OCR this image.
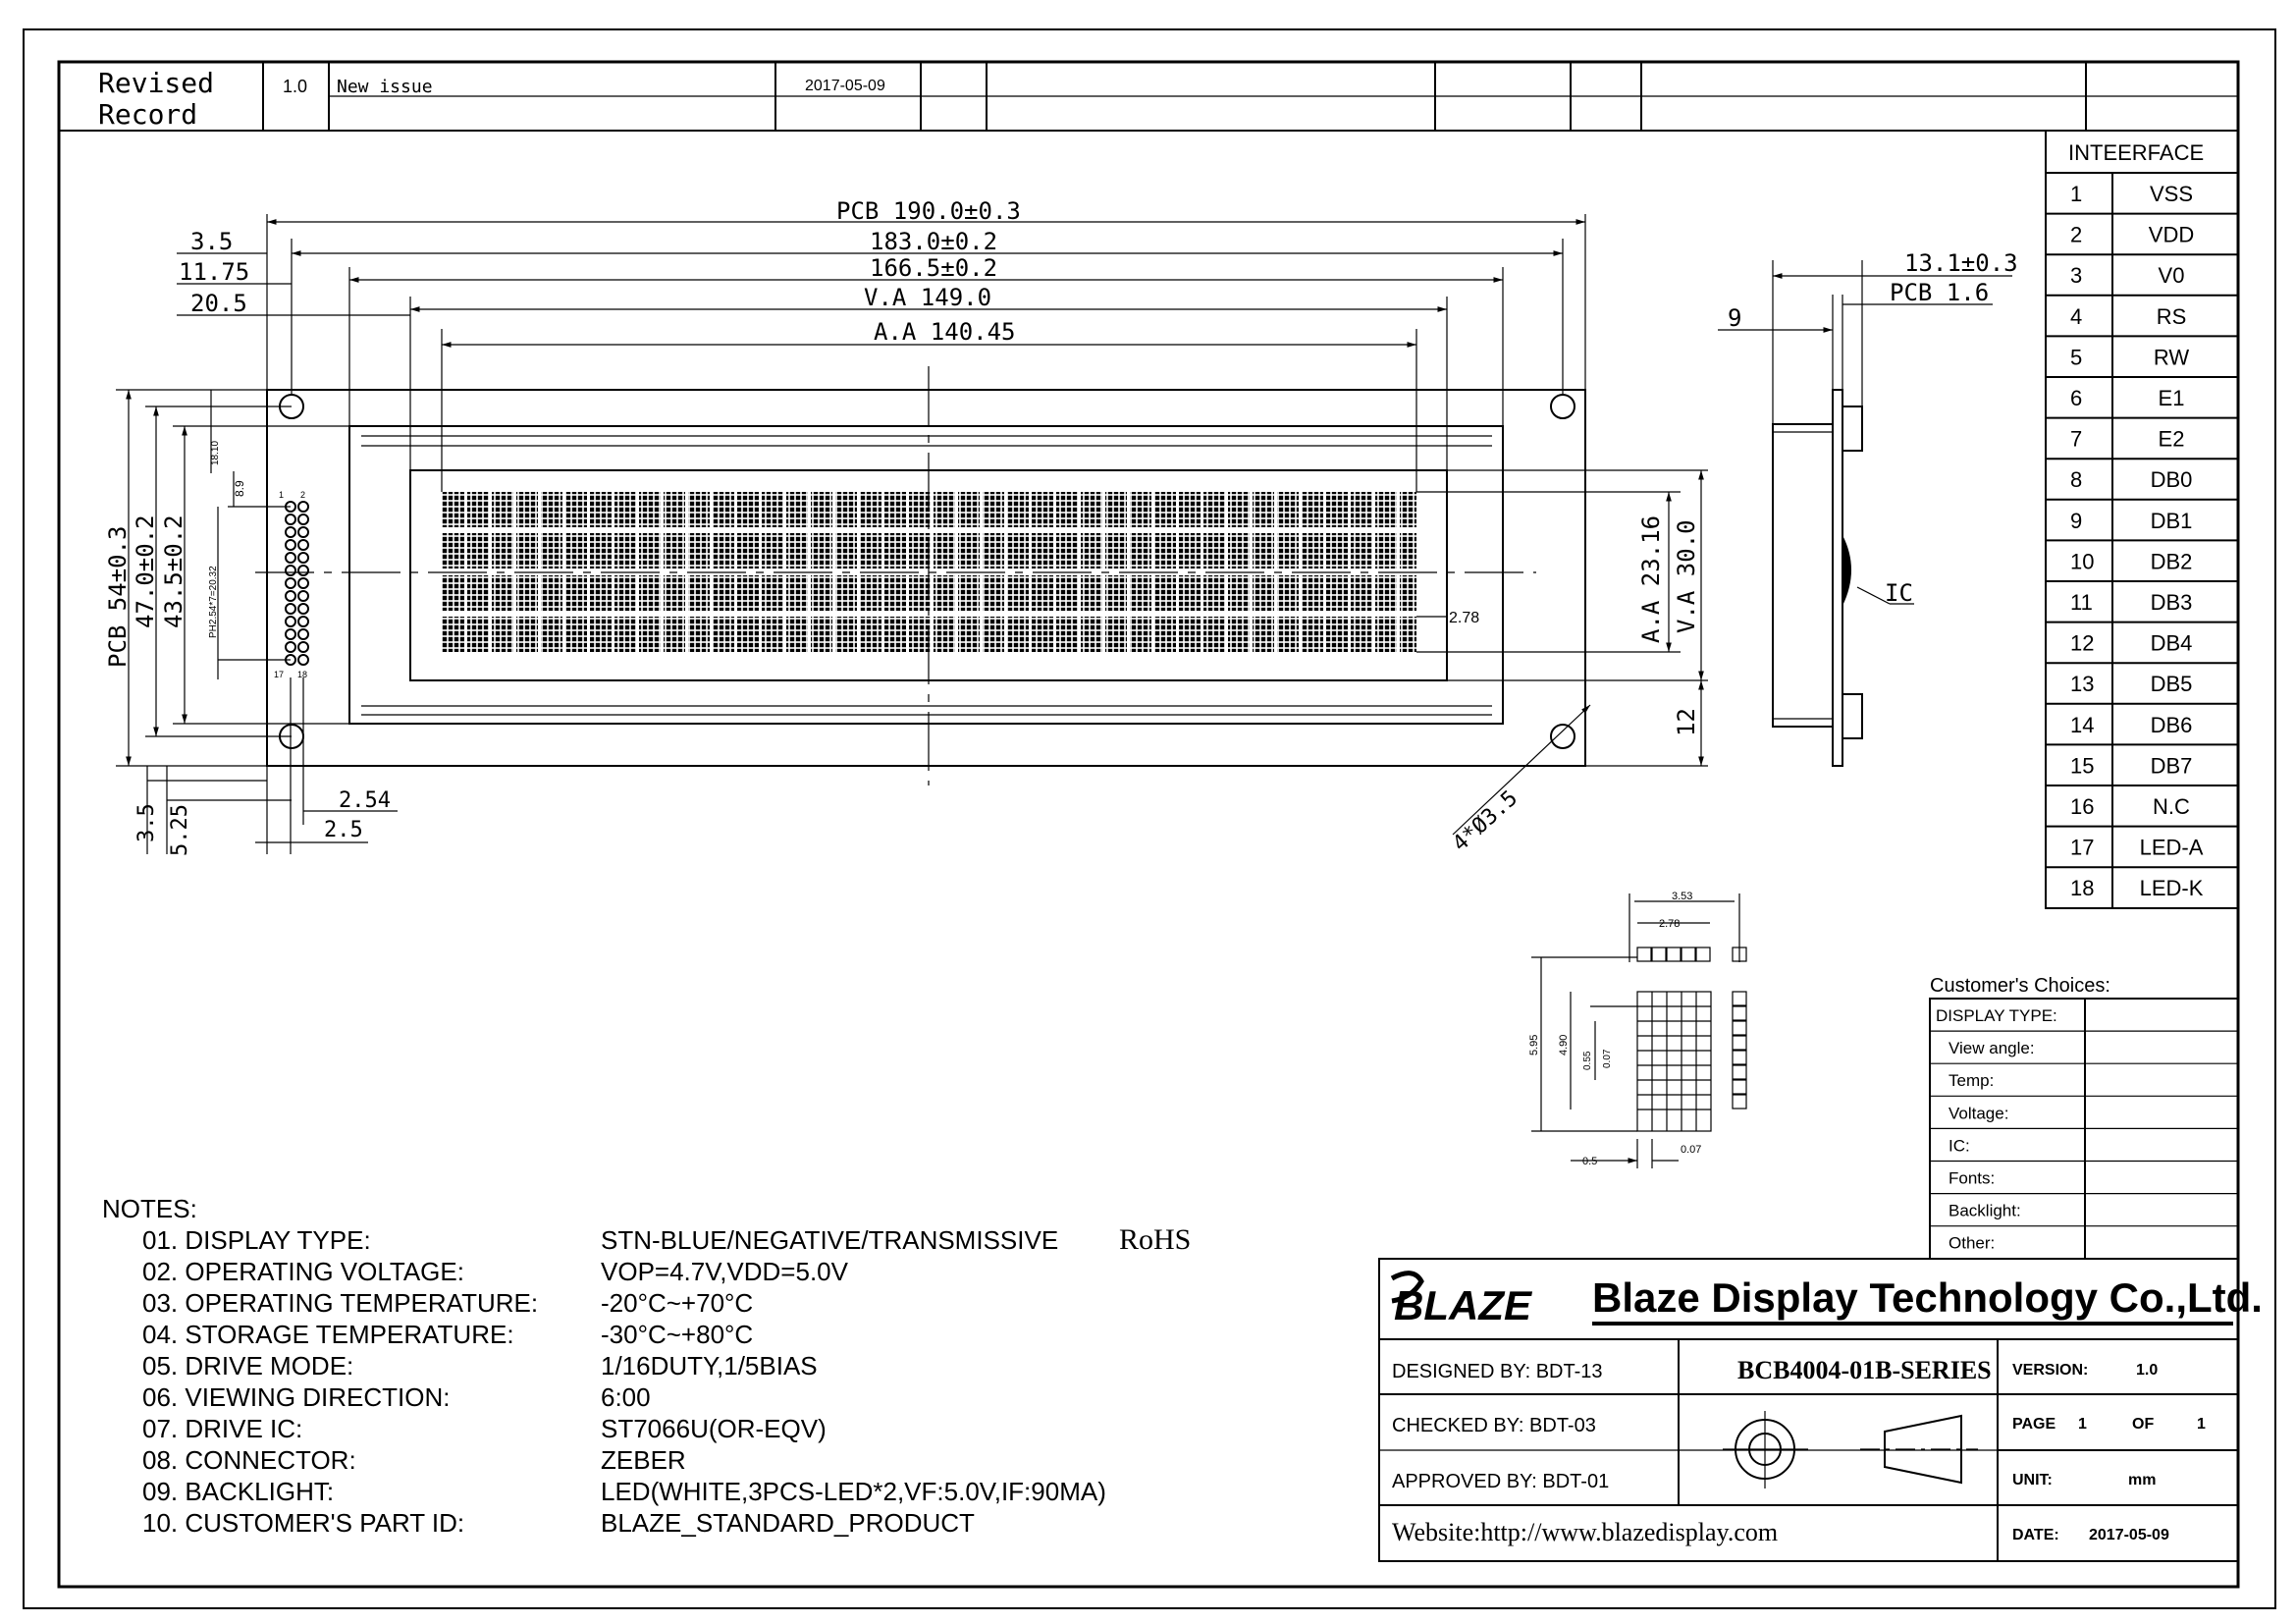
Revised
Record
1.0 New issue	2017-05-09
1 2
17 18
PCB 190.0±0.3
183.0±0.2
166.5±0.2
V.A 149.0
A.A 140.45
3.5
11.75
20.5
PCB 54±0.3 47.0±0.2 43.5±0.2
18.10
8.9
PH2.54*7=20.32	A.A 23.16 V.A 30.0
2.78
12
4*Ø3.5
3.5 5.25
2.54
2.5
IC
13.1±0.3
PCB 1.6
9
3.53
2.78
5.95 4.90
0.55 0.07
0.5
0.07
INTEERFACE
1	VSS
2	VDD
3	V0
4	RS
5	RW
6	E1
7	E2
8	DB0
9	DB1
10	DB2
11	DB3
12	DB4
13	DB5
14	DB6
15	DB7
16	N.C
17 LED-A
18 LED-K
Customer's Choices:
DISPLAY TYPE:
View angle:
Temp:
Voltage:
IC:
Fonts:
Backlight:
Other:
NOTES:
01. DISPLAY TYPE:	STN-BLUE/NEGATIVE/TRANSMISSIVE RoHS
02. OPERATING VOLTAGE:	VOP=4.7V,VDD=5.0V
03. OPERATING TEMPERATURE: -20°C~+70°C
04. STORAGE TEMPERATURE:	-30°C~+80°C
05. DRIVE MODE:	1/16DUTY,1/5BIAS
06. VIEWING DIRECTION:	6:00
07. DRIVE IC:	ST7066U(OR-EQV)
08. CONNECTOR:	ZEBER
09. BACKLIGHT:	LED(WHITE,3PCS-LED*2,VF:5.0V,IF:90MA)
10. CUSTOMER'S PART ID:	BLAZE_STANDARD_PRODUCT
BLAZE Blaze Display Technology Co.,Ltd.
DESIGNED BY: BDT-13
CHECKED BY: BDT-03
APPROVED BY: BDT-01
BCB4004-01B-SERIES VERSION:	1.0
PAGE 1	OF	1
UNIT:	mm
DATE: 2017-05-09
Website:http://www.blazedisplay.com
